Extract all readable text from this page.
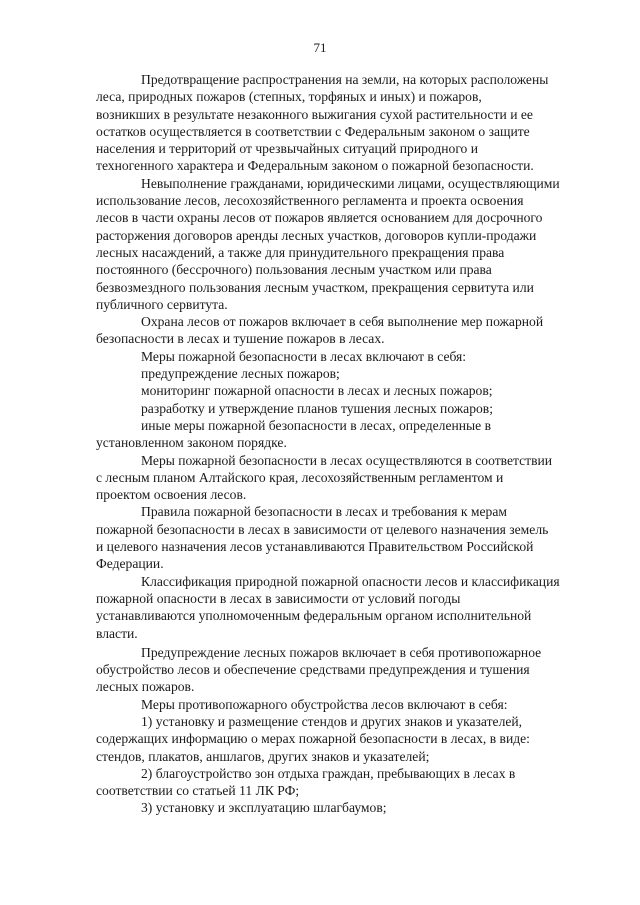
71

Предотвращение распространения на земли, на которых расположены
леса, природных пожаров (степных, торфяных и иных) и пожаров,
возникших в результате незаконного выжигания сухой растительности и ее
остатков осуществляется в соответствии с Федеральным законом о защите
населения и территорий от чрезвычайных ситуаций природного и
техногенного характера и Федеральным законом о пожарной безопасности.

Невыполнение гражданами, юридическими лицами, осуществляющими
использование лесов, лесохозяйственного регламента и проекта освоения
лесов в части охраны лесов от пожаров является основанием для досрочного
расторжения договоров аренды лесных участков, договоров купли-продажи
лесных насаждений, а также для принудительного прекращения права
постоянного (бессрочного) пользования лесным участком или права
безвозмездного пользования лесным участком, прекращения сервитута или
публичного сервитута.

Охрана лесов от пожаров включает в себя выполнение мер пожарной
безопасности в лесах и тушение пожаров в лесах.

Меры пожарной безопасности в лесах включают в себя:

предупреждение лесных пожаров;

мониторинг пожарной опасности в лесах и лесных пожаров;

разработку и утверждение планов тушения лесных пожаров;

иные меры пожарной безопасности в лесах, определенные в
установленном законом порядке.

Меры пожарной безопасности в лесах осуществляются в соответствии
с лесным планом Алтайского края, лесохозяйственным регламентом и
проектом освоения лесов.

Правила пожарной безопасности в лесах и требования к мерам
пожарной безопасности в лесах в зависимости от целевого назначения земель
и целевого назначения лесов устанавливаются Правительством Российской
Федерации.

Классификация природной пожарной опасности лесов и классификация
пожарной опасности в лесах в зависимости от условий погоды
устанавливаются уполномоченным федеральным органом исполнительной
власти.

Предупреждение лесных пожаров включает в себя противопожарное
обустройство лесов и обеспечение средствами предупреждения и тушения
лесных пожаров.

Меры противопожарного обустройства лесов включают в себя:

1) установку и размещение стендов и других знаков и указателей,
содержащих информацию о мерах пожарной безопасности в лесах, в виде:
стендов, плакатов, аншлагов, других знаков и указателей;

2) благоустройство зон отдыха граждан, пребывающих в лесах в
соответствии со статьей 11 ЛК РФ;

3) установку и эксплуатацию шлагбаумов;
